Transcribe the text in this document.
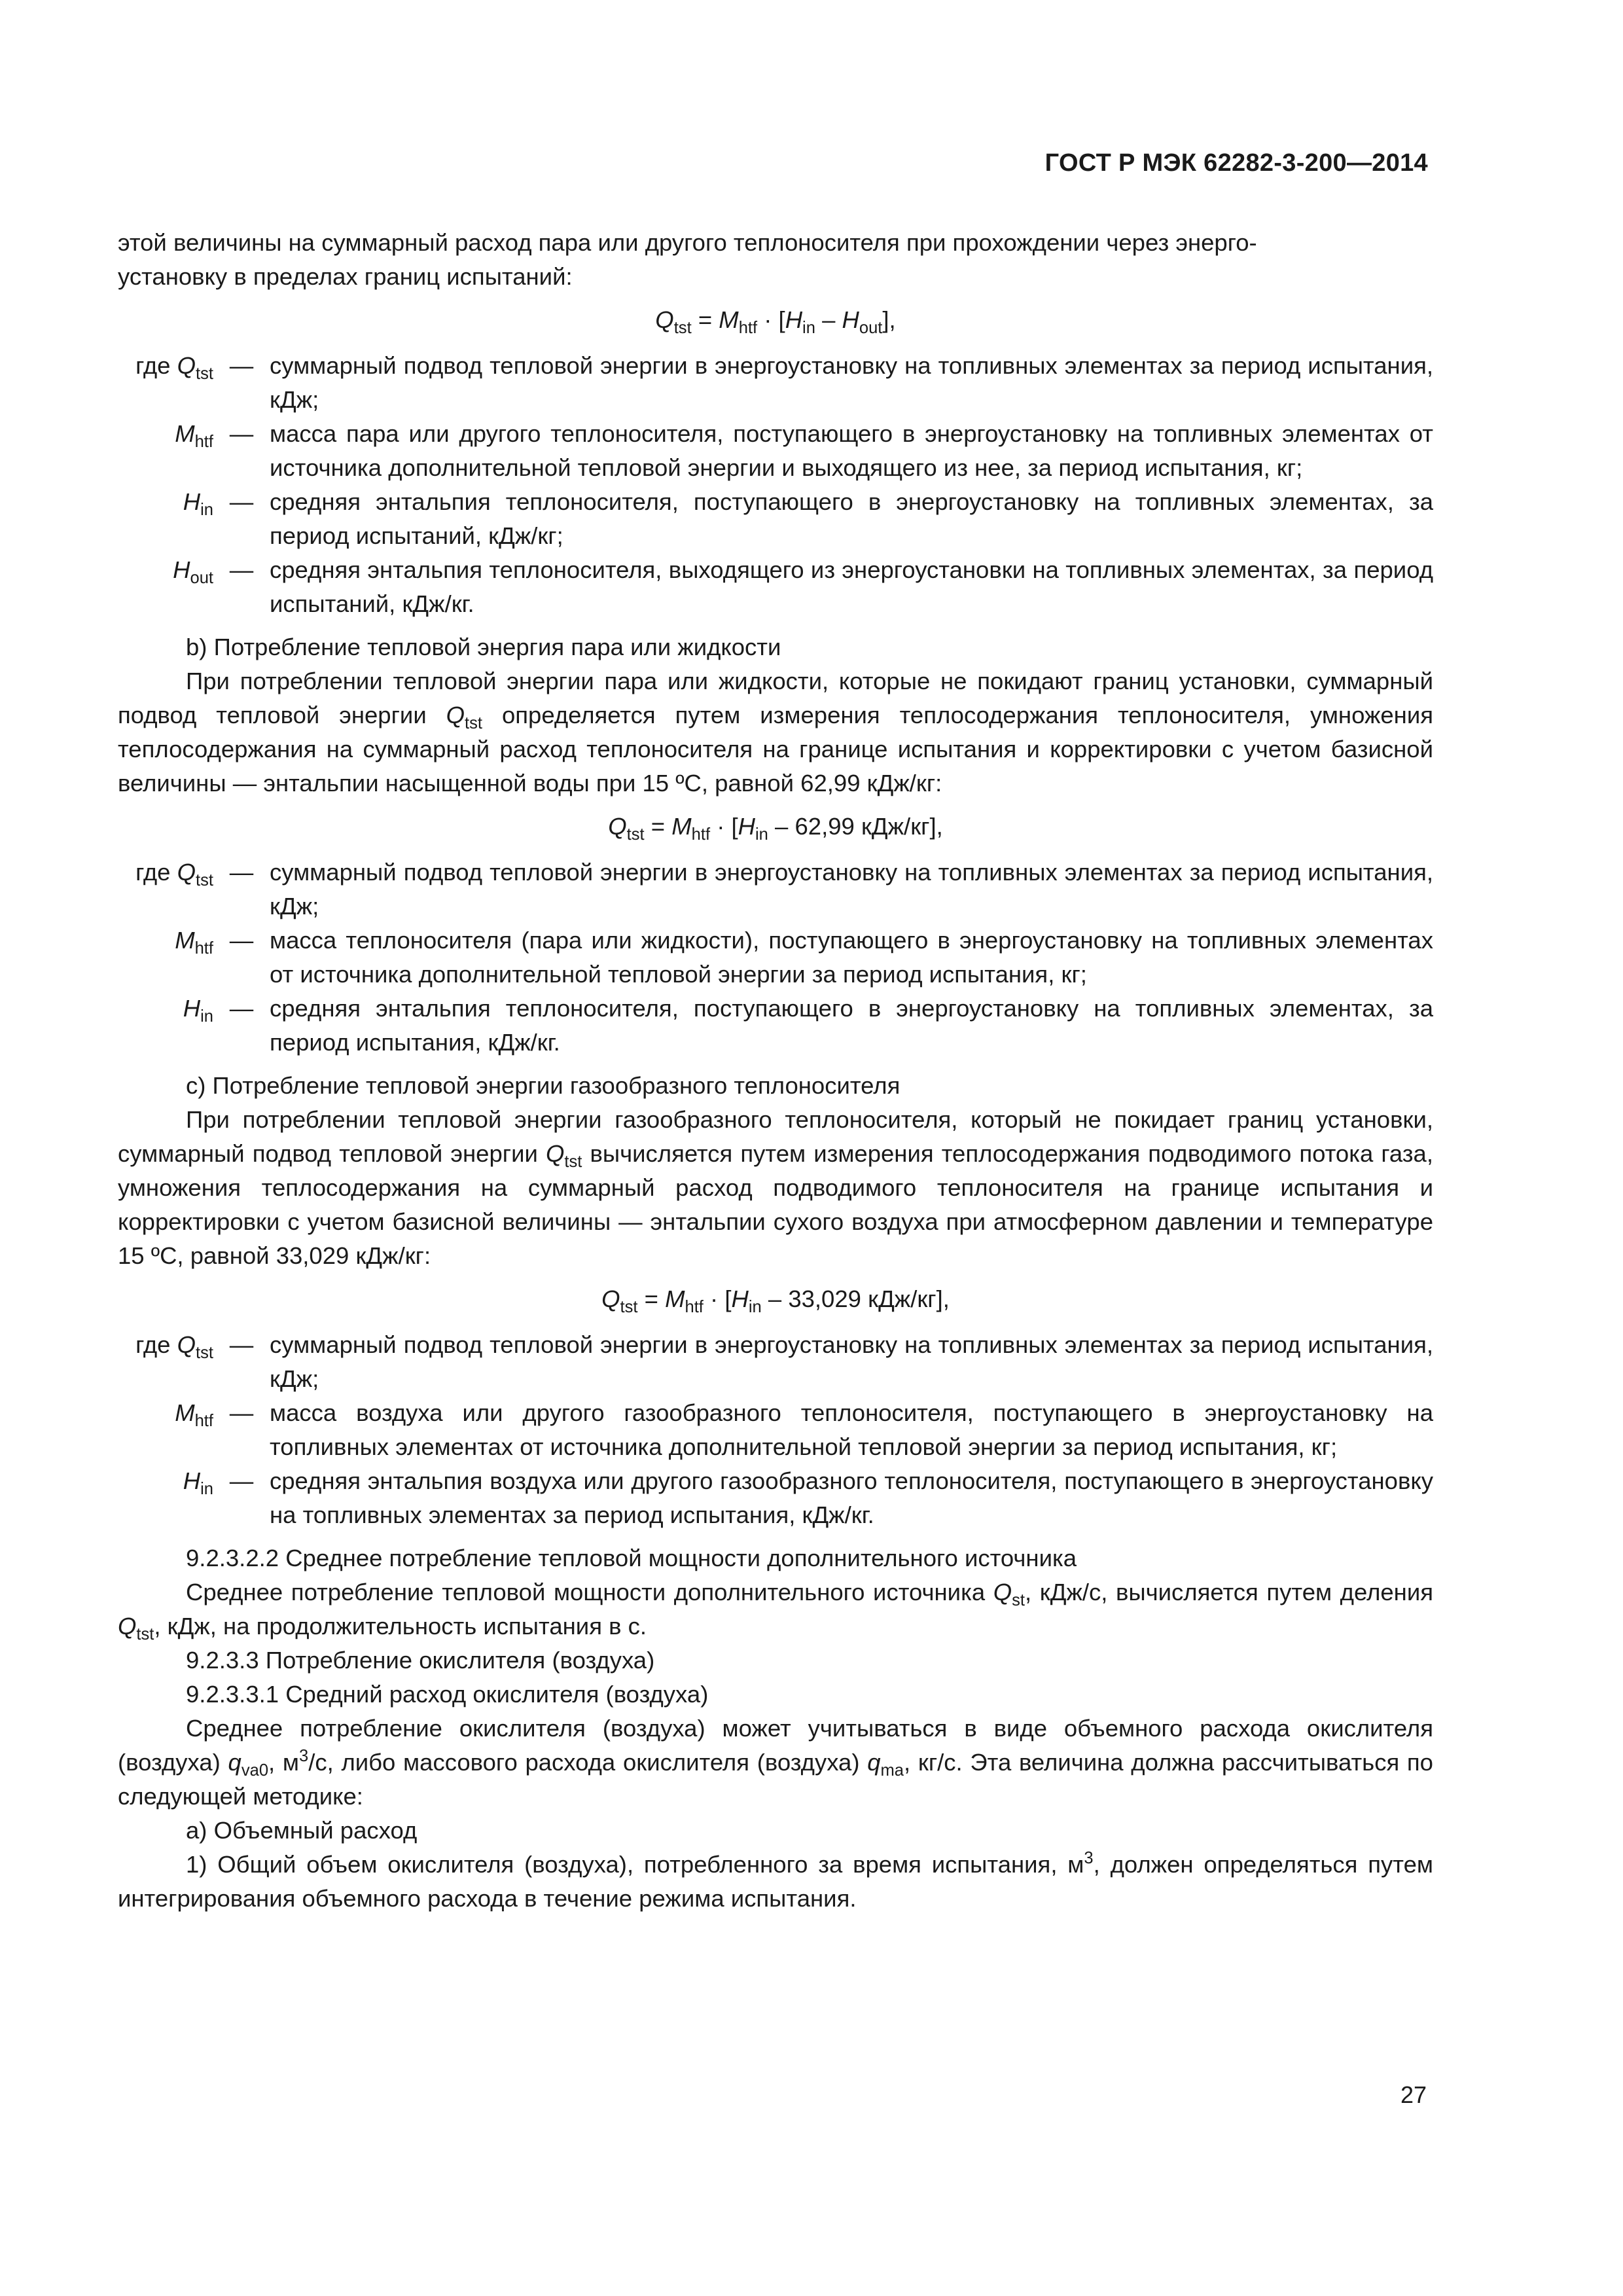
ГОСТ Р МЭК 62282-3-200—2014

этой величины на суммарный расход пара или другого теплоносителя при прохождении через энерго-
установку в пределах границ испытаний:

$Q_{tst} = M_{htf} \cdot [H_{in} - H_{out}]$,
где $Q_{tst}$ — суммарный подвод тепловой энергии в энергоустановку на топливных элементах за период испытания, кДж;
$M_{htf}$ — масса пара или другого теплоносителя, поступающего в энергоустановку на топливных элементах от источника дополнительной тепловой энергии и выходящего из нее, за период испытания, кг;
$H_{in}$ — средняя энтальпия теплоносителя, поступающего в энергоустановку на топливных элементах, за период испытаний, кДж/кг;
$H_{out}$ — средняя энтальпия теплоносителя, выходящего из энергоустановки на топливных элементах, за период испытаний, кДж/кг.

b) Потребление тепловой энергия пара или жидкости

При потреблении тепловой энергии пара или жидкости, которые не покидают границ установки, суммарный подвод тепловой энергии $Q_{tst}$ определяется путем измерения теплосодержания теплоносителя, умножения теплосодержания на суммарный расход теплоносителя на границе испытания и корректировки с учетом базисной величины — энтальпии насыщенной воды при 15 ºС, равной 62,99 кДж/кг:

$Q_{tst} = M_{htf} \cdot [H_{in} - 62,99$ кДж/кг],
где $Q_{tst}$ — суммарный подвод тепловой энергии в энергоустановку на топливных элементах за период испытания, кДж;
$M_{htf}$ — масса теплоносителя (пара или жидкости), поступающего в энергоустановку на топливных элементах от источника дополнительной тепловой энергии за период испытания, кг;
$H_{in}$ — средняя энтальпия теплоносителя, поступающего в энергоустановку на топливных элементах, за период испытания, кДж/кг.

c) Потребление тепловой энергии газообразного теплоносителя

При потреблении тепловой энергии газообразного теплоносителя, который не покидает границ установки, суммарный подвод тепловой энергии $Q_{tst}$ вычисляется путем измерения теплосодержания подводимого потока газа, умножения теплосодержания на суммарный расход подводимого теплоносителя на границе испытания и корректировки с учетом базисной величины — энтальпии сухого воздуха при атмосферном давлении и температуре 15 ºС, равной 33,029 кДж/кг:

$Q_{tst} = M_{htf} \cdot [H_{in} - 33,029$ кДж/кг],
где $Q_{tst}$ — суммарный подвод тепловой энергии в энергоустановку на топливных элементах за период испытания, кДж;
$M_{htf}$ — масса воздуха или другого газообразного теплоносителя, поступающего в энергоустановку на топливных элементах от источника дополнительной тепловой энергии за период испытания, кг;
$H_{in}$ — средняя энтальпия воздуха или другого газообразного теплоносителя, поступающего в энергоустановку на топливных элементах за период испытания, кДж/кг.

9.2.3.2.2 Среднее потребление тепловой мощности дополнительного источника

Среднее потребление тепловой мощности дополнительного источника $Q_{st}$, кДж/с, вычисляется путем деления $Q_{tst}$, кДж, на продолжительность испытания в с.

9.2.3.3 Потребление окислителя (воздуха)

9.2.3.3.1 Средний расход окислителя (воздуха)

Среднее потребление окислителя (воздуха) может учитываться в виде объемного расхода окислителя (воздуха) $q_{va0}$, $м^3/с$, либо массового расхода окислителя (воздуха) $q_{ma}$, кг/с. Эта величина должна рассчитываться по следующей методике:

a) Объемный расход

1) Общий объем окислителя (воздуха), потребленного за время испытания, $м^3$, должен определяться путем интегрирования объемного расхода в течение режима испытания.

27
